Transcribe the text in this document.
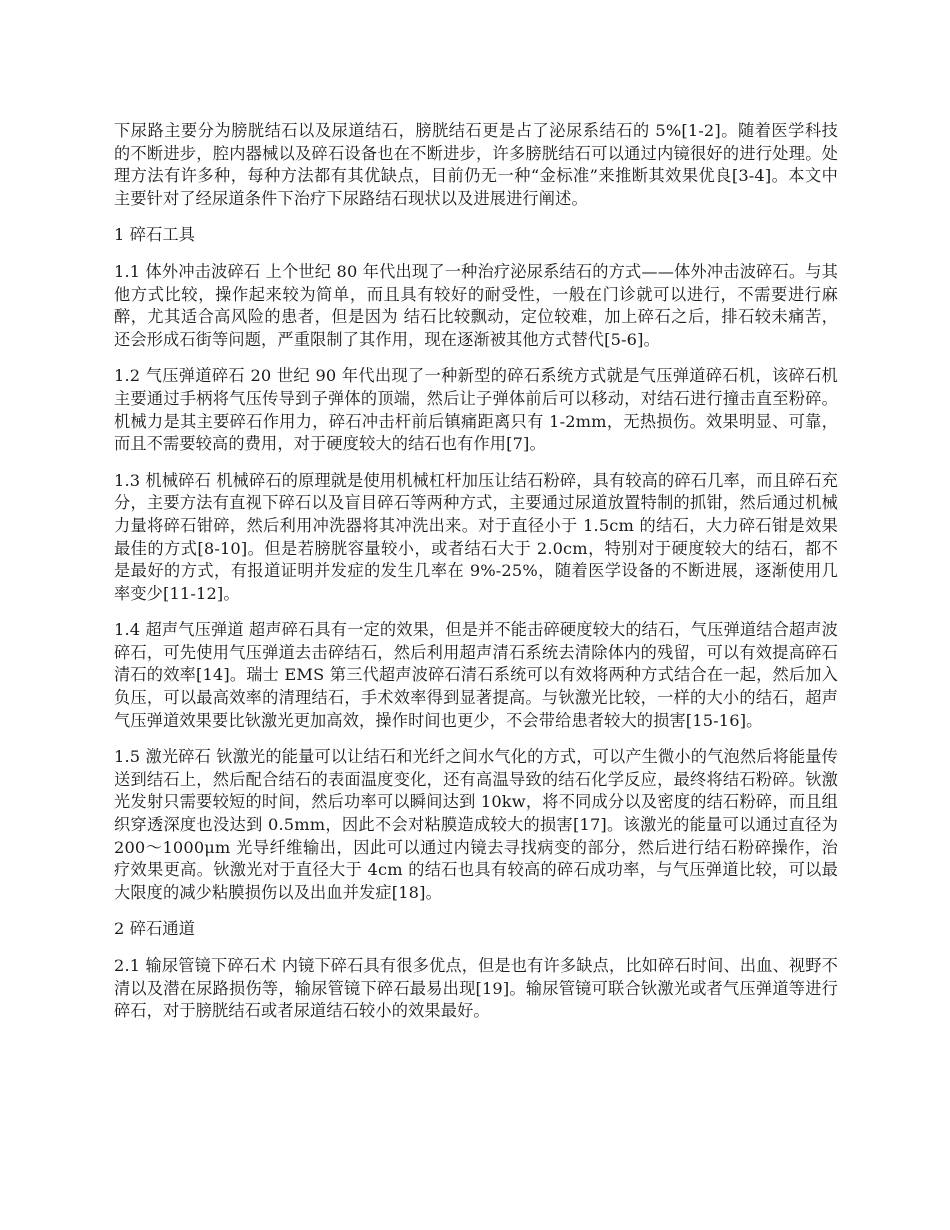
下尿路主要分为膀胱结石以及尿道结石，膀胱结石更是占了泌尿系结石的 5%[1-2]。随着医学科技的不断进步，腔内器械以及碎石设备也在不断进步，许多膀胱结石可以通过内镜很好的进行处理。处理方法有许多种，每种方法都有其优缺点，目前仍无一种“金标准”来推断其效果优良[3-4]。本文中主要针对了经尿道条件下治疗下尿路结石现状以及进展进行阐述。

1 碎石工具

1.1 体外冲击波碎石 上个世纪 80 年代出现了一种治疗泌尿系结石的方式——体外冲击波碎石。与其他方式比较，操作起来较为简单，而且具有较好的耐受性，一般在门诊就可以进行，不需要进行麻醉，尤其适合高风险的患者，但是因为 结石比较飘动，定位较难，加上碎石之后，排石较未痛苦，还会形成石街等问题，严重限制了其作用，现在逐渐被其他方式替代[5-6]。

1.2 气压弹道碎石 20 世纪 90 年代出现了一种新型的碎石系统方式就是气压弹道碎石机，该碎石机主要通过手柄将气压传导到子弹体的顶端，然后让子弹体前后可以移动，对结石进行撞击直至粉碎。机械力是其主要碎石作用力，碎石冲击杆前后镇痛距离只有 1-2mm，无热损伤。效果明显、可靠，而且不需要较高的费用，对于硬度较大的结石也有作用[7]。

1.3 机械碎石 机械碎石的原理就是使用机械杠杆加压让结石粉碎，具有较高的碎石几率，而且碎石充分，主要方法有直视下碎石以及盲目碎石等两种方式，主要通过尿道放置特制的抓钳，然后通过机械力量将碎石钳碎，然后利用冲洗器将其冲洗出来。对于直径小于 1.5cm 的结石，大力碎石钳是效果最佳的方式[8-10]。但是若膀胱容量较小，或者结石大于 2.0cm，特别对于硬度较大的结石，都不是最好的方式，有报道证明并发症的发生几率在 9%-25%，随着医学设备的不断进展，逐渐使用几率变少[11-12]。

1.4 超声气压弹道 超声碎石具有一定的效果，但是并不能击碎硬度较大的结石，气压弹道结合超声波碎石，可先使用气压弹道去击碎结石，然后利用超声清石系统去清除体内的残留，可以有效提高碎石清石的效率[14]。瑞士 EMS 第三代超声波碎石清石系统可以有效将两种方式结合在一起，然后加入负压，可以最高效率的清理结石，手术效率得到显著提高。与钬激光比较，一样的大小的结石，超声气压弹道效果要比钬激光更加高效，操作时间也更少，不会带给患者较大的损害[15-16]。

1.5 激光碎石 钬激光的能量可以让结石和光纤之间水气化的方式，可以产生微小的气泡然后将能量传送到结石上，然后配合结石的表面温度变化，还有高温导致的结石化学反应，最终将结石粉碎。钬激光发射只需要较短的时间，然后功率可以瞬间达到 10kw，将不同成分以及密度的结石粉碎，而且组织穿透深度也没达到 0.5mm，因此不会对粘膜造成较大的损害[17]。该激光的能量可以通过直径为 200～1000μm 光导纤维输出，因此可以通过内镜去寻找病变的部分，然后进行结石粉碎操作，治疗效果更高。钬激光对于直径大于 4cm 的结石也具有较高的碎石成功率，与气压弹道比较，可以最大限度的减少粘膜损伤以及出血并发症[18]。

2 碎石通道

2.1 输尿管镜下碎石术 内镜下碎石具有很多优点，但是也有许多缺点，比如碎石时间、出血、视野不清以及潜在尿路损伤等，输尿管镜下碎石最易出现[19]。输尿管镜可联合钬激光或者气压弹道等进行碎石，对于膀胱结石或者尿道结石较小的效果最好。
